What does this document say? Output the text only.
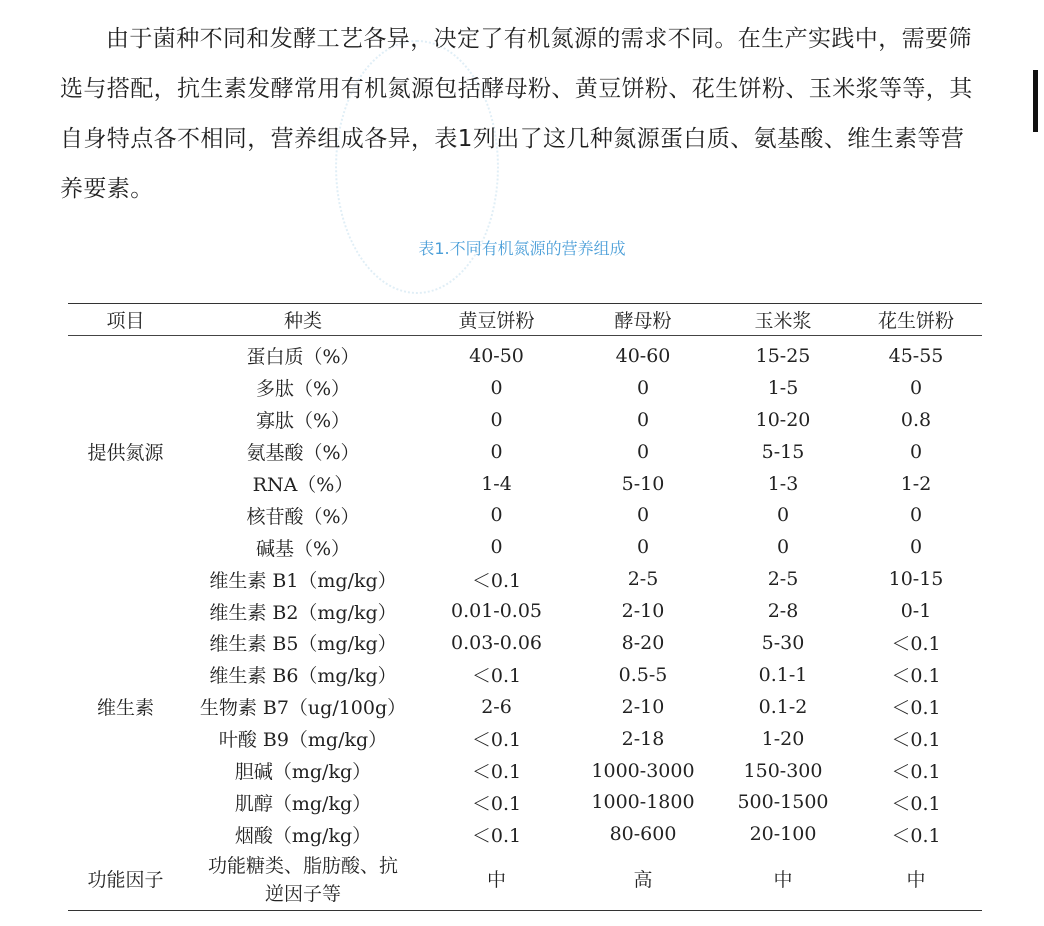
由于菌种不同和发酵工艺各异，决定了有机氮源的需求不同。在生产实践中，需要筛选与搭配，抗生素发酵常用有机氮源包括酵母粉、黄豆饼粉、花生饼粉、玉米浆等等，其自身特点各不相同，营养组成各异，表1列出了这几种氮源蛋白质、氨基酸、维生素等营养要素。

表1.不同有机氮源的营养组成
项目	种类	黄豆饼粉	酵母粉	玉米浆	花生饼粉
提供氮源	蛋白质（%）	40-50	40-60	15-25	45-55
	多肽（%）	0	0	1-5	0
	寡肽（%）	0	0	10-20	0.8
	氨基酸（%）	0	0	5-15	0
	RNA（%）	1-4	5-10	1-3	1-2
	核苷酸（%）	0	0	0	0
	碱基（%）	0	0	0	0
维生素	维生素 B1（mg/kg）	＜0.1	2-5	2-5	10-15
	维生素 B2（mg/kg）	0.01-0.05	2-10	2-8	0-1
	维生素 B5（mg/kg）	0.03-0.06	8-20	5-30	＜0.1
	维生素 B6（mg/kg）	＜0.1	0.5-5	0.1-1	＜0.1
	生物素 B7（ug/100g）	2-6	2-10	0.1-2	＜0.1
	叶酸 B9（mg/kg）	＜0.1	2-18	1-20	＜0.1
	胆碱（mg/kg）	＜0.1	1000-3000	150-300	＜0.1
	肌醇（mg/kg）	＜0.1	1000-1800	500-1500	＜0.1
	烟酸（mg/kg）	＜0.1	80-600	20-100	＜0.1
功能因子	功能糖类、脂肪酸、抗逆因子等	中	高	中	中
